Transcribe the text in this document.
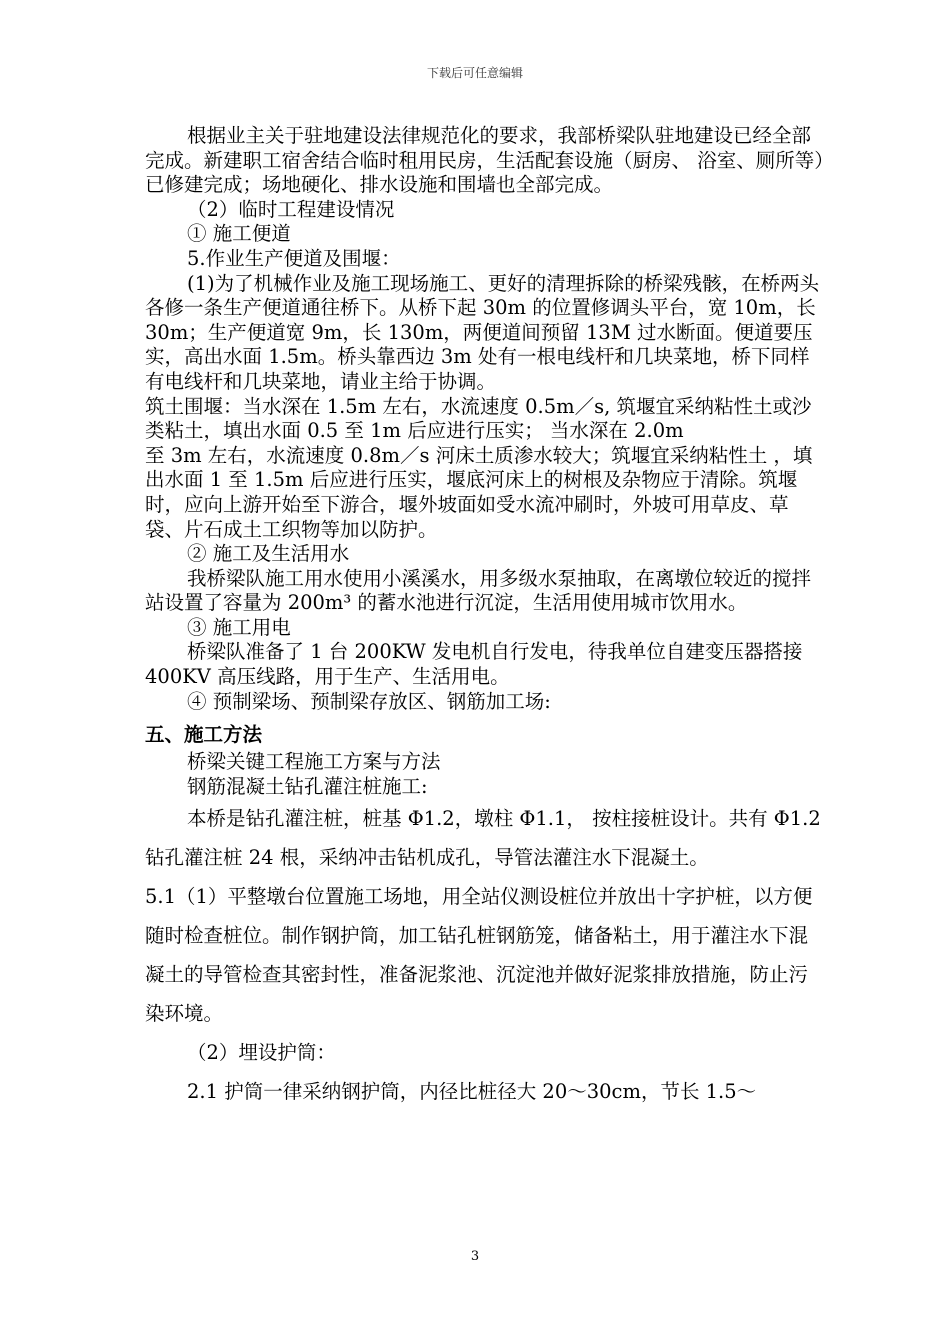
下载后可任意编辑

根据业主关于驻地建设法律规范化的要求，我部桥梁队驻地建设已经全部完成。新建职工宿舍结合临时租用民房，生活配套设施（厨房、 浴室、厕所等）已修建完成；场地硬化、排水设施和围墙也全部完成。

（2）临时工程建设情况

① 施工便道

5.作业生产便道及围堰：

(1)为了机械作业及施工现场施工、更好的清理拆除的桥梁残骸，在桥两头各修一条生产便道通往桥下。从桥下起 30m 的位置修调头平台，宽 10m，长 30m；生产便道宽 9m，长 130m，两便道间预留 13M 过水断面。便道要压实，高出水面 1.5m。桥头靠西边 3m 处有一根电线杆和几块菜地，桥下同样有电线杆和几块菜地，请业主给于协调。

筑土围堰：当水深在 1.5m 左右，水流速度 0.5m／s, 筑堰宜采纳粘性土或沙类粘土，填出水面 0.5 至 1m 后应进行压实； 当水深在 2.0m

至 3m 左右，水流速度 0.8m／s 河床土质渗水较大；筑堰宜采纳粘性土 ，填出水面 1 至 1.5m 后应进行压实，堰底河床上的树根及杂物应于清除。筑堰时，应向上游开始至下游合，堰外坡面如受水流冲刷时，外坡可用草皮、草袋、片石成土工织物等加以防护。

② 施工及生活用水

我桥梁队施工用水使用小溪溪水，用多级水泵抽取，在离墩位较近的搅拌站设置了容量为 200m³ 的蓄水池进行沉淀，生活用使用城市饮用水。

③ 施工用电

桥梁队准备了 1 台 200KW 发电机自行发电，待我单位自建变压器搭接 400KV 高压线路，用于生产、生活用电。

④ 预制梁场、预制梁存放区、钢筋加工场:

五、施工方法

桥梁关键工程施工方案与方法

钢筋混凝土钻孔灌注桩施工:

本桥是钻孔灌注桩，桩基 Φ1.2，墩柱 Φ1.1， 按柱接桩设计。共有 Φ1.2 钻孔灌注桩 24 根，采纳冲击钻机成孔，导管法灌注水下混凝土。

5.1（1）平整墩台位置施工场地，用全站仪测设桩位并放出十字护桩，以方便随时检查桩位。制作钢护筒，加工钻孔桩钢筋笼，储备粘土，用于灌注水下混凝土的导管检查其密封性，准备泥浆池、沉淀池并做好泥浆排放措施，防止污染环境。

（2）埋设护筒：

2.1 护筒一律采纳钢护筒，内径比桩径大 20～30cm，节长 1.5～

3
